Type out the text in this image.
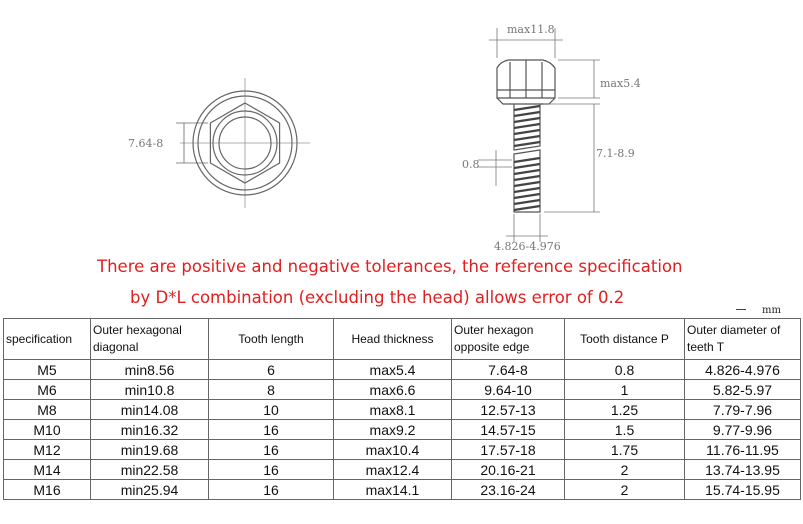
7.64-8
max11.8
max5.4
7.1-8.9
0.8
4.826-4.976
There are positive and negative tolerances, the reference specification
by D*L combination (excluding the head) allows error of 0.2
mm
specification	Outer hexagonal
diagonal	Tooth length	Head thickness	Outer hexagon
opposite edge	Tooth distance P	Outer diameter of
teeth T
M5	min8.56	6	max5.4	7.64-8	0.8	4.826-4.976
M6	min10.8	8	max6.6	9.64-10	1	5.82-5.97
M8	min14.08	10	max8.1	12.57-13	1.25	7.79-7.96
M10	min16.32	16	max9.2	14.57-15	1.5	9.77-9.96
M12	min19.68	16	max10.4	17.57-18	1.75	11.76-11.95
M14	min22.58	16	max12.4	20.16-21	2	13.74-13.95
M16	min25.94	16	max14.1	23.16-24	2	15.74-15.95
